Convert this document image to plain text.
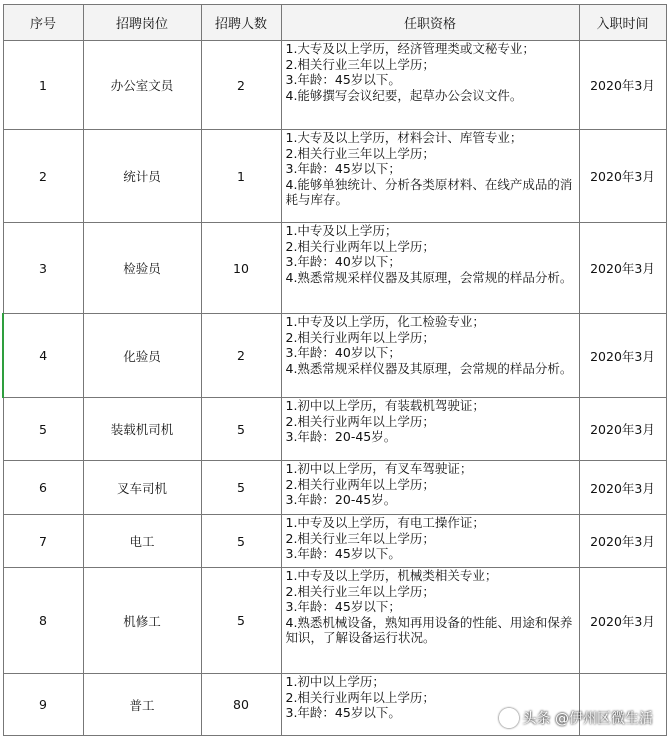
序号	招聘岗位	招聘人数	任职资格	入职时间
1	办公室文员	2	1.大专及以上学历，经济管理类或文秘专业；
2.相关行业三年以上学历；
3.年龄：45岁以下。
4.能够撰写会议纪要，起草办公会议文件。	2020年3月
2	统计员	1	1.大专及以上学历，材料会计、库管专业；
2.相关行业三年以上学历；
3.年龄：45岁以下；
4.能够单独统计、分析各类原材料、在线产成品的消耗与库存。	2020年3月
3	检验员	10	1.中专及以上学历；
2.相关行业两年以上学历；
3.年龄：40岁以下；
4.熟悉常规采样仪器及其原理，会常规的样品分析。	2020年3月
4	化验员	2	1.中专及以上学历，化工检验专业；
2.相关行业两年以上学历；
3.年龄：40岁以下；
4.熟悉常规采样仪器及其原理，会常规的样品分析。	2020年3月
5	装载机司机	5	1.初中以上学历，有装载机驾驶证；
2.相关行业两年以上学历；
3.年龄：20-45岁。	2020年3月
6	叉车司机	5	1.初中以上学历，有叉车驾驶证；
2.相关行业两年以上学历；
3.年龄：20-45岁。	2020年3月
7	电工	5	1.中专及以上学历，有电工操作证；
2.相关行业三年以上学历；
3.年龄：45岁以下。	2020年3月
8	机修工	5	1.中专及以上学历，机械类相关专业；
2.相关行业三年以上学历；
3.年龄：45岁以下；
4.熟悉机械设备，熟知再用设备的性能、用途和保养知识，了解设备运行状况。	2020年3月
9	普工	80	1.初中以上学历；
2.相关行业两年以上学历；
3.年龄：45岁以下。	
		头条 @伊州区微生活
